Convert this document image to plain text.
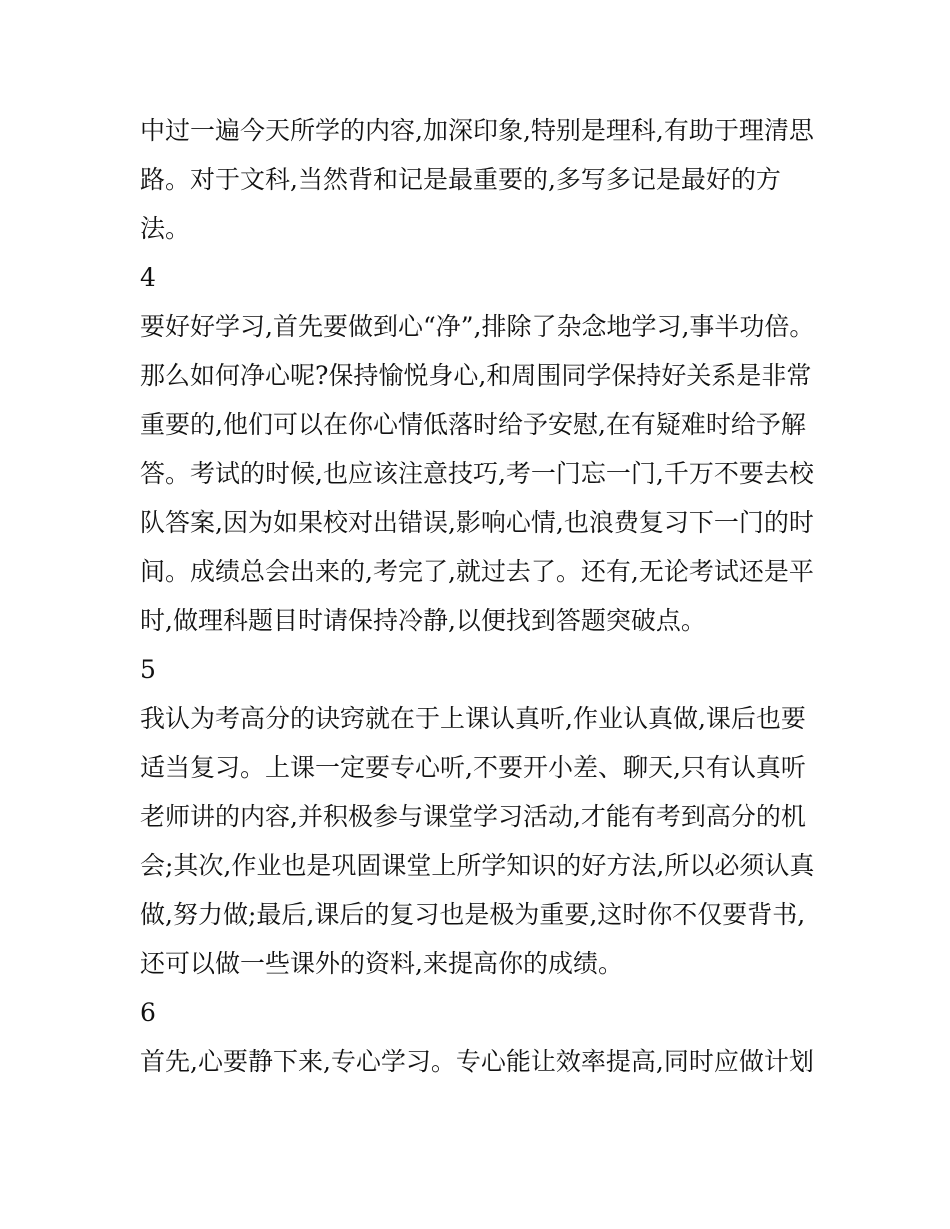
中过一遍今天所学的内容,加深印象,特别是理科,有助于理清思
路。对于文科,当然背和记是最重要的,多写多记是最好的方
法。
4
要好好学习,首先要做到心“净”,排除了杂念地学习,事半功倍。
那么如何净心呢?保持愉悦身心,和周围同学保持好关系是非常
重要的,他们可以在你心情低落时给予安慰,在有疑难时给予解
答。考试的时候,也应该注意技巧,考一门忘一门,千万不要去校
队答案,因为如果校对出错误,影响心情,也浪费复习下一门的时
间。成绩总会出来的,考完了,就过去了。还有,无论考试还是平
时,做理科题目时请保持冷静,以便找到答题突破点。
5
我认为考高分的诀窍就在于上课认真听,作业认真做,课后也要
适当复习。上课一定要专心听,不要开小差、聊天,只有认真听
老师讲的内容,并积极参与课堂学习活动,才能有考到高分的机
会;其次,作业也是巩固课堂上所学知识的好方法,所以必须认真
做,努力做;最后,课后的复习也是极为重要,这时你不仅要背书,
还可以做一些课外的资料,来提高你的成绩。
6
首先,心要静下来,专心学习。专心能让效率提高,同时应做计划
